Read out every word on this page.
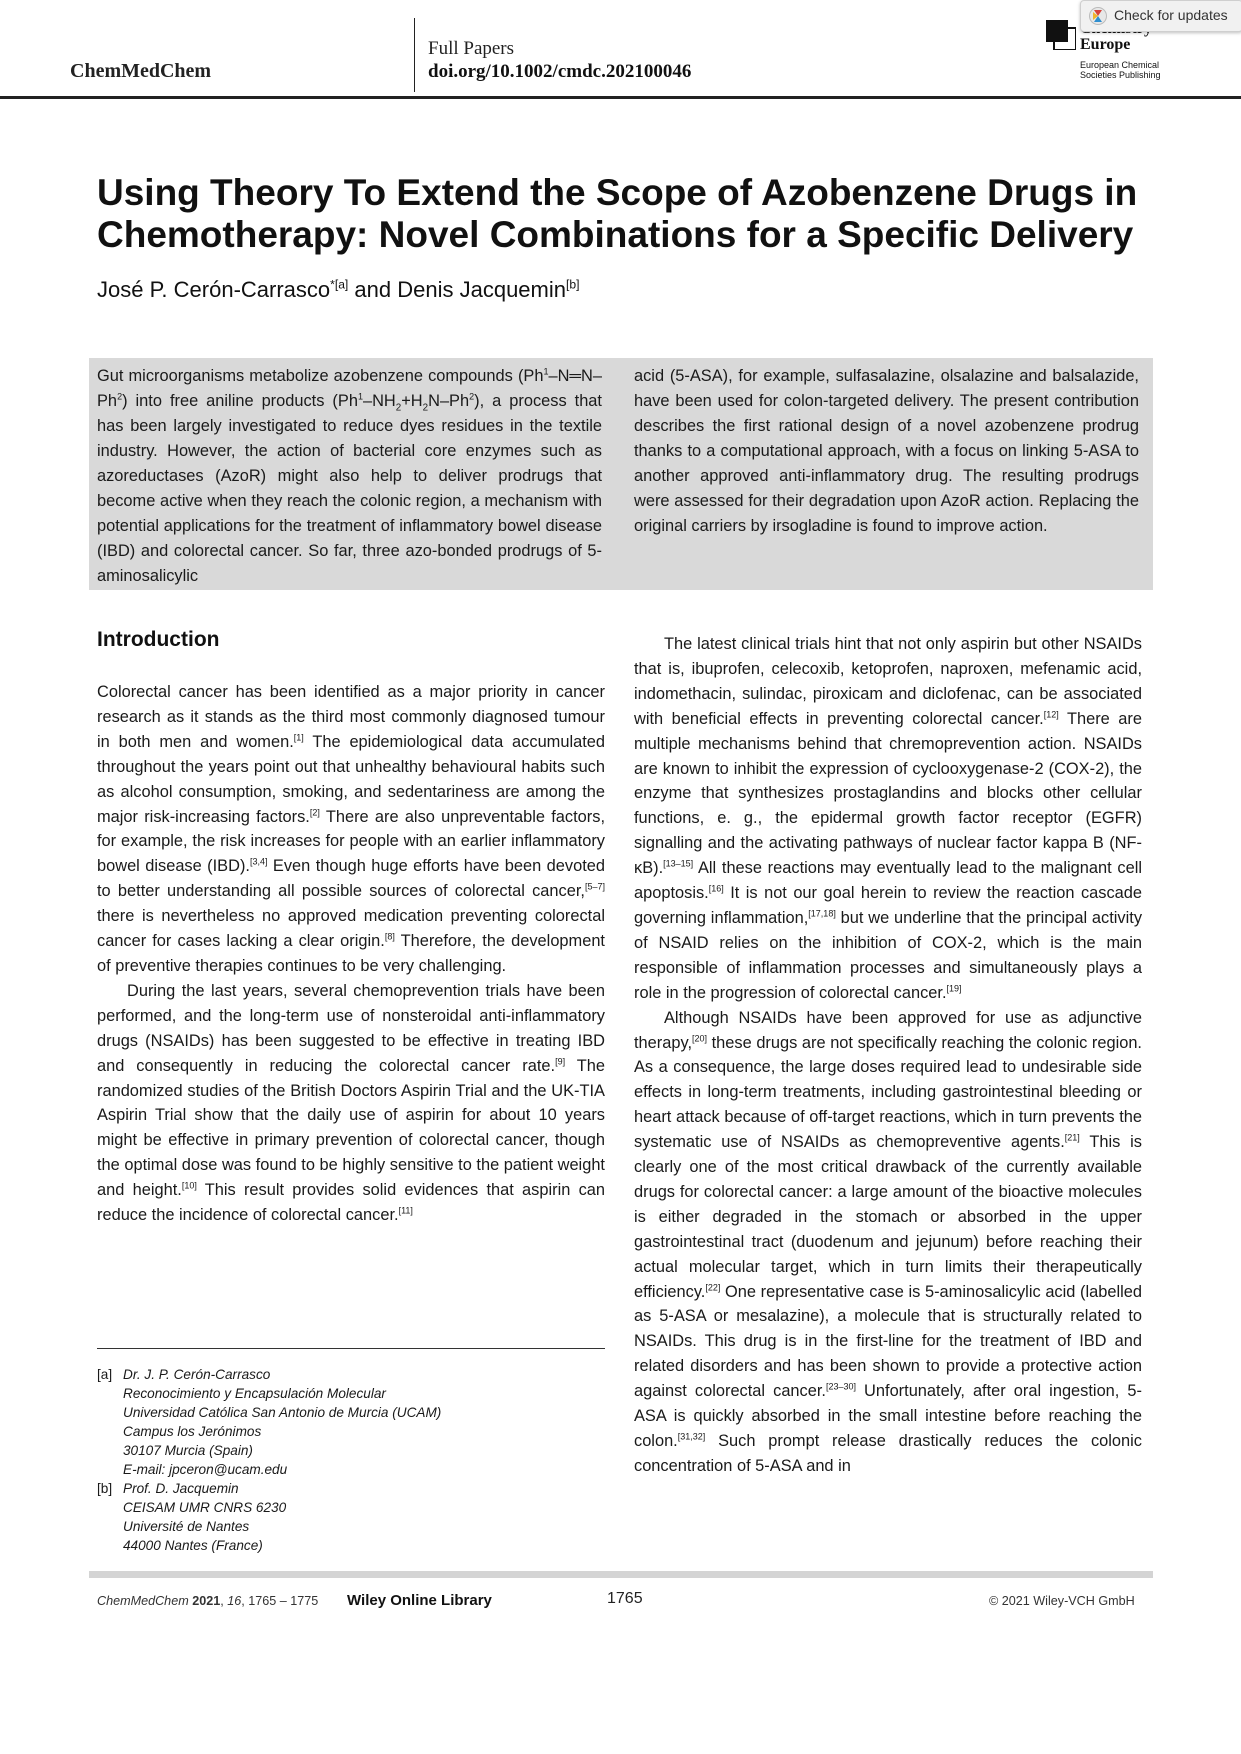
ChemMedChem
Full Papers
doi.org/10.1002/cmdc.202100046
Europe
European Chemical
Societies Publishing
Check for updates
Using Theory To Extend the Scope of Azobenzene Drugs in Chemotherapy: Novel Combinations for a Specific Delivery
José P. Cerón-Carrasco$^{*[a]}$ and Denis Jacquemin[b]
Gut microorganisms metabolize azobenzene compounds (Ph$^1$–N═N–Ph$^2$) into free aniline products $(Ph^1-NH_2+H_2N-Ph^2)$, a process that has been largely investigated to reduce dyes residues in the textile industry. However, the action of bacterial core enzymes such as azoreductases (AzoR) might also help to deliver prodrugs that become active when they reach the colonic region, a mechanism with potential applications for the treatment of inflammatory bowel disease (IBD) and colorectal cancer. So far, three azo-bonded prodrugs of 5-aminosalicylic
acid (5-ASA), for example, sulfasalazine, olsalazine and balsalazide, have been used for colon-targeted delivery. The present contribution describes the first rational design of a novel azobenzene prodrug thanks to a computational approach, with a focus on linking 5-ASA to another approved anti-inflammatory drug. The resulting prodrugs were assessed for their degradation upon AzoR action. Replacing the original carriers by irsogladine is found to improve action.
Introduction

Colorectal cancer has been identified as a major priority in cancer research as it stands as the third most commonly diagnosed tumour in both men and women.[1] The epidemiological data accumulated throughout the years point out that unhealthy behavioural habits such as alcohol consumption, smoking, and sedentariness are among the major risk-increasing factors.[2] There are also unpreventable factors, for example, the risk increases for people with an earlier inflammatory bowel disease (IBD).[3,4] Even though huge efforts have been devoted to better understanding all possible sources of colorectal cancer,[5–7] there is nevertheless no approved medication preventing colorectal cancer for cases lacking a clear origin.[8] Therefore, the development of preventive therapies continues to be very challenging.

During the last years, several chemoprevention trials have been performed, and the long-term use of nonsteroidal anti-inflammatory drugs (NSAIDs) has been suggested to be effective in treating IBD and consequently in reducing the colorectal cancer rate.[9] The randomized studies of the British Doctors Aspirin Trial and the UK-TIA Aspirin Trial show that the daily use of aspirin for about 10 years might be effective in primary prevention of colorectal cancer, though the optimal dose was found to be highly sensitive to the patient weight and height.[10] This result provides solid evidences that aspirin can reduce the incidence of colorectal cancer.[11]

[a] Dr. J. P. Cerón-Carrasco
Reconocimiento y Encapsulación Molecular
Universidad Católica San Antonio de Murcia (UCAM)
Campus los Jerónimos
30107 Murcia (Spain)
E-mail: jpceron@ucam.edu
[b] Prof. D. Jacquemin
CEISAM UMR CNRS 6230
Université de Nantes
44000 Nantes (France)

The latest clinical trials hint that not only aspirin but other NSAIDs that is, ibuprofen, celecoxib, ketoprofen, naproxen, mefenamic acid, indomethacin, sulindac, piroxicam and diclofenac, can be associated with beneficial effects in preventing colorectal cancer.[12] There are multiple mechanisms behind that chremoprevention action. NSAIDs are known to inhibit the expression of cyclooxygenase-2 (COX-2), the enzyme that synthesizes prostaglandins and blocks other cellular functions, e. g., the epidermal growth factor receptor (EGFR) signalling and the activating pathways of nuclear factor kappa B (NF-κB).[13–15] All these reactions may eventually lead to the malignant cell apoptosis.[16] It is not our goal herein to review the reaction cascade governing inflammation,[17,18] but we underline that the principal activity of NSAID relies on the inhibition of COX-2, which is the main responsible of inflammation processes and simultaneously plays a role in the progression of colorectal cancer.[19]

Although NSAIDs have been approved for use as adjunctive therapy,[20] these drugs are not specifically reaching the colonic region. As a consequence, the large doses required lead to undesirable side effects in long-term treatments, including gastrointestinal bleeding or heart attack because of off-target reactions, which in turn prevents the systematic use of NSAIDs as chemopreventive agents.[21] This is clearly one of the most critical drawback of the currently available drugs for colorectal cancer: a large amount of the bioactive molecules is either degraded in the stomach or absorbed in the upper gastrointestinal tract (duodenum and jejunum) before reaching their actual molecular target, which in turn limits their therapeutically efficiency.[22] One representative case is 5-aminosalicylic acid (labelled as 5-ASA or mesalazine), a molecule that is structurally related to NSAIDs. This drug is in the first-line for the treatment of IBD and related disorders and has been shown to provide a protective action against colorectal cancer.[23–30] Unfortunately, after oral ingestion, 5-ASA is quickly absorbed in the small intestine before reaching the colon.[31,32] Such prompt release drastically reduces the colonic concentration of 5-ASA and in

ChemMedChem 2021, 16, 1765 – 1775 Wiley Online Library	1765	© 2021 Wiley-VCH GmbH
